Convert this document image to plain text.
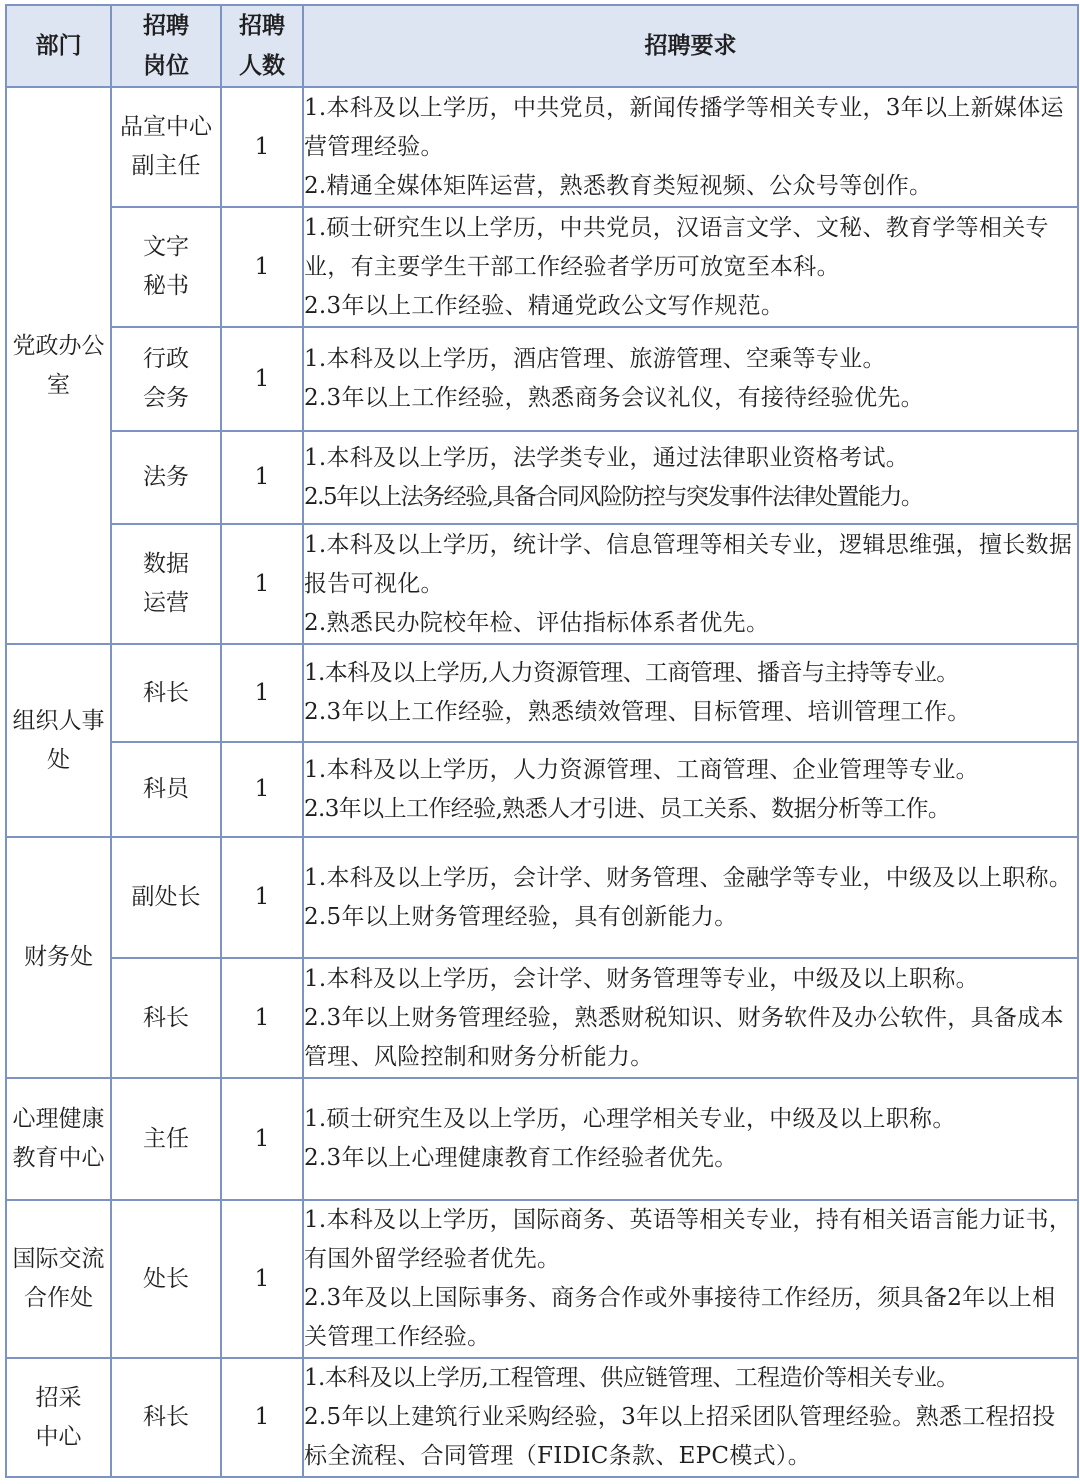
部门	招聘岗位	招聘人数	招聘要求
党政办公室	品宣中心副主任	1	1.本科及以上学历，中共党员，新闻传播学等相关专业，3年以上新媒体运营管理经验。
2.精通全媒体矩阵运营，熟悉教育类短视频、公众号等创作。

	文字秘书	1	1.硕士研究生以上学历，中共党员，汉语言文学、文秘、教育学等相关专业，有主要学生干部工作经验者学历可放宽至本科。
2.3年以上工作经验、精通党政公文写作规范。

	行政会务	1	1.本科及以上学历，酒店管理、旅游管理、空乘等专业。
2.3年以上工作经验，熟悉商务会议礼仪，有接待经验优先。

	法务	1	1.本科及以上学历，法学类专业，通过法律职业资格考试。
2.5年以上法务经验,具备合同风险防控与突发事件法律处置能力。

	数据运营	1	1.本科及以上学历，统计学、信息管理等相关专业，逻辑思维强，擅长数据报告可视化。
2.熟悉民办院校年检、评估指标体系者优先。

组织人事处	科长	1	1.本科及以上学历,人力资源管理、工商管理、播音与主持等专业。
2.3年以上工作经验，熟悉绩效管理、目标管理、培训管理工作。

	科员	1	1.本科及以上学历，人力资源管理、工商管理、企业管理等专业。
2.3年以上工作经验,熟悉人才引进、员工关系、数据分析等工作。

财务处	副处长	1	1.本科及以上学历，会计学、财务管理、金融学等专业，中级及以上职称。
2.5年以上财务管理经验，具有创新能力。

	科长	1	1.本科及以上学历，会计学、财务管理等专业，中级及以上职称。
2.3年以上财务管理经验，熟悉财税知识、财务软件及办公软件，具备成本管理、风险控制和财务分析能力。

心理健康教育中心	主任	1	1.硕士研究生及以上学历，心理学相关专业，中级及以上职称。
2.3年以上心理健康教育工作经验者优先。

国际交流合作处	处长	1	1.本科及以上学历，国际商务、英语等相关专业，持有相关语言能力证书，有国外留学经验者优先。
2.3年及以上国际事务、商务合作或外事接待工作经历，须具备2年以上相关管理工作经验。

招采中心	科长	1	1.本科及以上学历,工程管理、供应链管理、工程造价等相关专业。
2.5年以上建筑行业采购经验，3年以上招采团队管理经验。熟悉工程招投标全流程、合同管理（FIDIC条款、EPC模式）。
